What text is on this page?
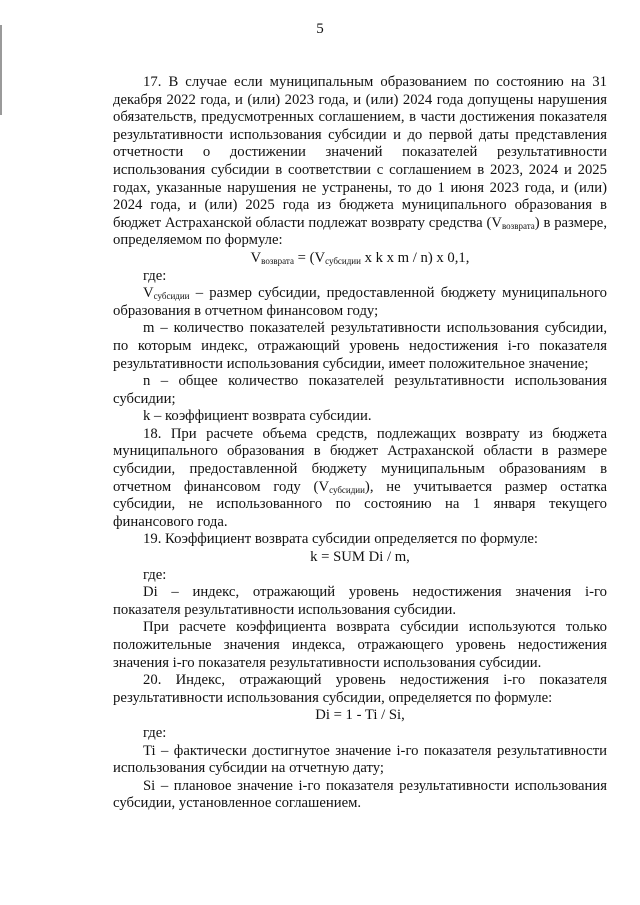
5

17. В случае если муниципальным образованием по состоянию на 31 декабря 2022 года, и (или) 2023 года, и (или) 2024 года допущены нарушения обязательств, предусмотренных соглашением, в части достижения показателя результативности использования субсидии и до первой даты представления отчетности о достижении значений показателей результативности использования субсидии в соответствии с соглашением в 2023, 2024 и 2025 годах, указанные нарушения не устранены, то до 1 июня 2023 года, и (или) 2024 года, и (или) 2025 года из бюджета муниципального образования в бюджет Астраханской области подлежат возврату средства $(V_{возврата})$ в размере, определяемом по формуле:

$V_{возврата} = (V_{субсидии}$ x k x m / n) x 0,1,

где:

$V_{субсидии}$ – размер субсидии, предоставленной бюджету муниципального образования в отчетном финансовом году;

m – количество показателей результативности использования субсидии, по которым индекс, отражающий уровень недостижения i-го показателя результативности использования субсидии, имеет положительное значение;

n – общее количество показателей результативности использования субсидии;

k – коэффициент возврата субсидии.

18. При расчете объема средств, подлежащих возврату из бюджета муниципального образования в бюджет Астраханской области в размере субсидии, предоставленной бюджету муниципальным образованиям в отчетном финансовом году $(V_{субсидии})$, не учитывается размер остатка субсидии, не использованного по состоянию на 1 января текущего финансового года.

19. Коэффициент возврата субсидии определяется по формуле:

k = SUM Di / m,

где:

Di – индекс, отражающий уровень недостижения значения i-го показателя результативности использования субсидии.

При расчете коэффициента возврата субсидии используются только положительные значения индекса, отражающего уровень недостижения значения i-го показателя результативности использования субсидии.

20. Индекс, отражающий уровень недостижения i-го показателя результативности использования субсидии, определяется по формуле:

Di = 1 - Ti / Si,

где:

Ti – фактически достигнутое значение i-го показателя результативности использования субсидии на отчетную дату;

Si – плановое значение i-го показателя результативности использования субсидии, установленное соглашением.
